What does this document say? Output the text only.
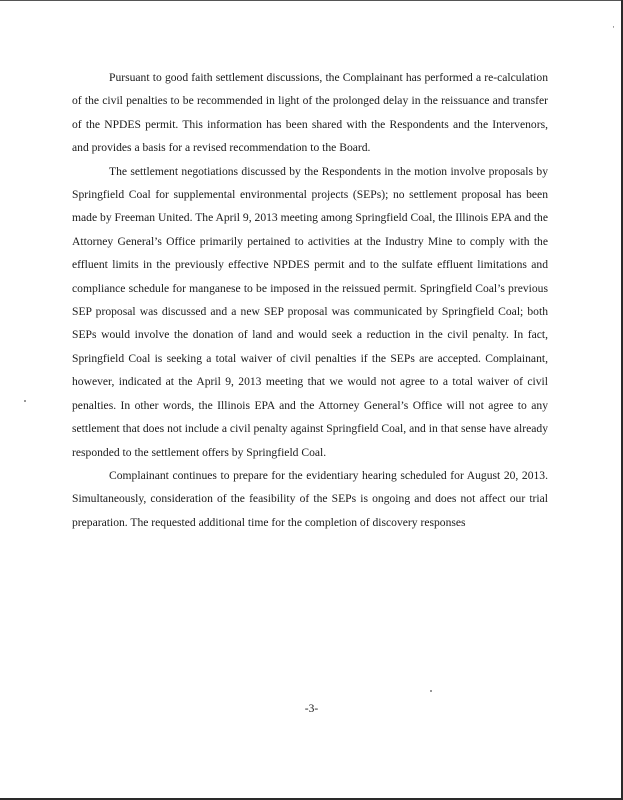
·

Pursuant to good faith settlement discussions, the Complainant has performed a re-calculation of the civil penalties to be recommended in light of the prolonged delay in the reissuance and transfer of the NPDES permit. This information has been shared with the Respondents and the Intervenors, and provides a basis for a revised recommendation to the Board.

The settlement negotiations discussed by the Respondents in the motion involve proposals by Springfield Coal for supplemental environmental projects (SEPs); no settlement proposal has been made by Freeman United. The April 9, 2013 meeting among Springfield Coal, the Illinois EPA and the Attorney General’s Office primarily pertained to activities at the Industry Mine to comply with the effluent limits in the previously effective NPDES permit and to the sulfate effluent limitations and compliance schedule for manganese to be imposed in the reissued permit. Springfield Coal’s previous SEP proposal was discussed and a new SEP proposal was communicated by Springfield Coal; both SEPs would involve the donation of land and would seek a reduction in the civil penalty. In fact, Springfield Coal is seeking a total waiver of civil penalties if the SEPs are accepted. Complainant, however, indicated at the April 9, 2013 meeting that we would not agree to a total waiver of civil penalties. In other words, the Illinois EPA and the Attorney General’s Office will not agree to any settlement that does not include a civil penalty against Springfield Coal, and in that sense have already responded to the settlement offers by Springfield Coal.

Complainant continues to prepare for the evidentiary hearing scheduled for August 20, 2013. Simultaneously, consideration of the feasibility of the SEPs is ongoing and does not affect our trial preparation. The requested additional time for the completion of discovery responses

-3-
